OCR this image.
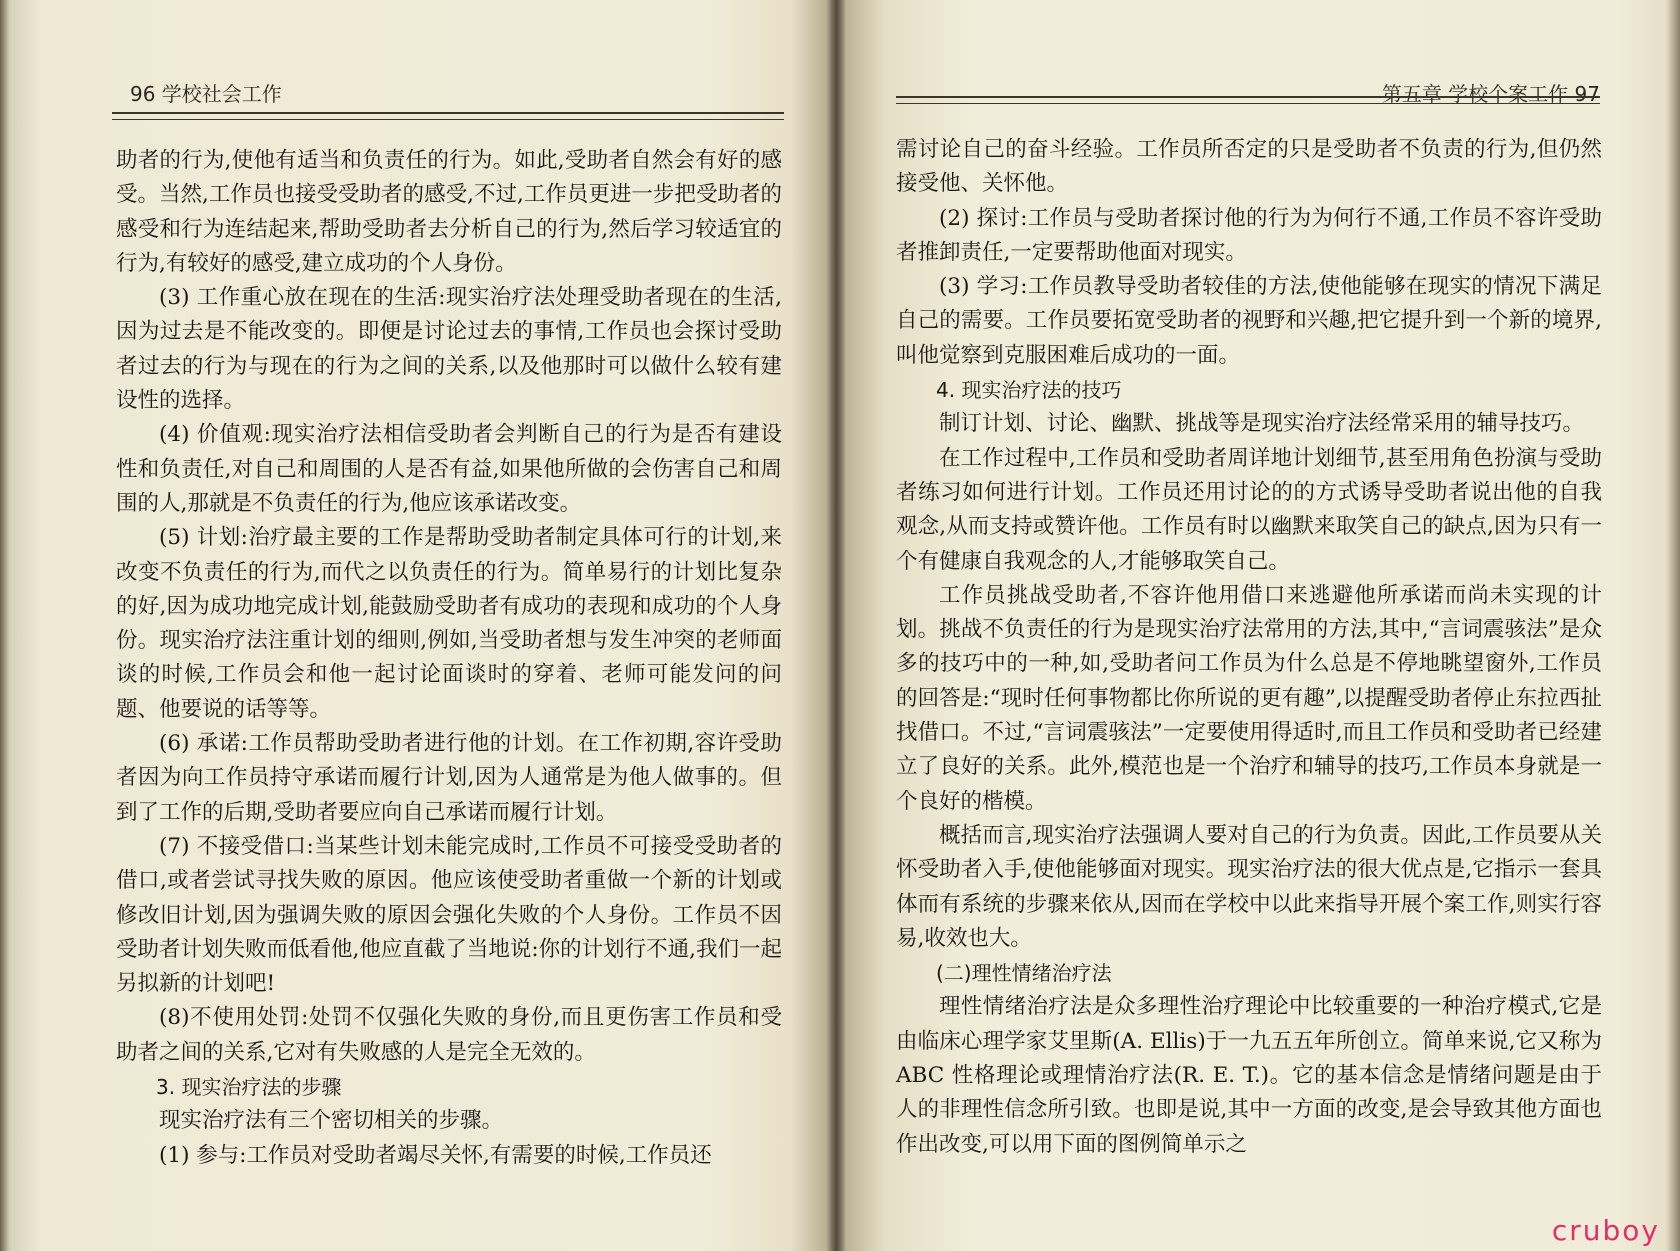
96 学校社会工作

助者的行为,使他有适当和负责任的行为。如此,受助者自然会有好的感受。当然,工作员也接受受助者的感受,不过,工作员更进一步把受助者的感受和行为连结起来,帮助受助者去分析自己的行为,然后学习较适宜的行为,有较好的感受,建立成功的个人身份。

(3) 工作重心放在现在的生活:现实治疗法处理受助者现在的生活,因为过去是不能改变的。即便是讨论过去的事情,工作员也会探讨受助者过去的行为与现在的行为之间的关系,以及他那时可以做什么较有建设性的选择。

(4) 价值观:现实治疗法相信受助者会判断自己的行为是否有建设性和负责任,对自己和周围的人是否有益,如果他所做的会伤害自己和周围的人,那就是不负责任的行为,他应该承诺改变。

(5) 计划:治疗最主要的工作是帮助受助者制定具体可行的计划,来改变不负责任的行为,而代之以负责任的行为。简单易行的计划比复杂的好,因为成功地完成计划,能鼓励受助者有成功的表现和成功的个人身份。现实治疗法注重计划的细则,例如,当受助者想与发生冲突的老师面谈的时候,工作员会和他一起讨论面谈时的穿着、老师可能发问的问题、他要说的话等等。

(6) 承诺:工作员帮助受助者进行他的计划。在工作初期,容许受助者因为向工作员持守承诺而履行计划,因为人通常是为他人做事的。但到了工作的后期,受助者要应向自己承诺而履行计划。

(7) 不接受借口:当某些计划未能完成时,工作员不可接受受助者的借口,或者尝试寻找失败的原因。他应该使受助者重做一个新的计划或修改旧计划,因为强调失败的原因会强化失败的个人身份。工作员不因受助者计划失败而低看他,他应直截了当地说:你的计划行不通,我们一起另拟新的计划吧!

(8)不使用处罚:处罚不仅强化失败的身份,而且更伤害工作员和受助者之间的关系,它对有失败感的人是完全无效的。

3. 现实治疗法的步骤

现实治疗法有三个密切相关的步骤。

(1) 参与:工作员对受助者竭尽关怀,有需要的时候,工作员还

第五章 学校个案工作 97

需讨论自己的奋斗经验。工作员所否定的只是受助者不负责的行为,但仍然接受他、关怀他。

(2) 探讨:工作员与受助者探讨他的行为为何行不通,工作员不容许受助者推卸责任,一定要帮助他面对现实。

(3) 学习:工作员教导受助者较佳的方法,使他能够在现实的情况下满足自己的需要。工作员要拓宽受助者的视野和兴趣,把它提升到一个新的境界,叫他觉察到克服困难后成功的一面。

4. 现实治疗法的技巧

制订计划、讨论、幽默、挑战等是现实治疗法经常采用的辅导技巧。

在工作过程中,工作员和受助者周详地计划细节,甚至用角色扮演与受助者练习如何进行计划。工作员还用讨论的的方式诱导受助者说出他的自我观念,从而支持或赞许他。工作员有时以幽默来取笑自己的缺点,因为只有一个有健康自我观念的人,才能够取笑自己。

工作员挑战受助者,不容许他用借口来逃避他所承诺而尚未实现的计划。挑战不负责任的行为是现实治疗法常用的方法,其中,“言词震骇法”是众多的技巧中的一种,如,受助者问工作员为什么总是不停地眺望窗外,工作员的回答是:“现时任何事物都比你所说的更有趣”,以提醒受助者停止东拉西扯找借口。不过,“言词震骇法”一定要使用得适时,而且工作员和受助者已经建立了良好的关系。此外,模范也是一个治疗和辅导的技巧,工作员本身就是一个良好的楷模。

概括而言,现实治疗法强调人要对自己的行为负责。因此,工作员要从关怀受助者入手,使他能够面对现实。现实治疗法的很大优点是,它指示一套具体而有系统的步骤来依从,因而在学校中以此来指导开展个案工作,则实行容易,收效也大。

(二)理性情绪治疗法

理性情绪治疗法是众多理性治疗理论中比较重要的一种治疗模式,它是由临床心理学家艾里斯(A. Ellis)于一九五五年所创立。简单来说,它又称为 ABC 性格理论或理情治疗法(R. E. T.)。它的基本信念是情绪问题是由于人的非理性信念所引致。也即是说,其中一方面的改变,是会导致其他方面也作出改变,可以用下面的图例简单示之

cruboy
